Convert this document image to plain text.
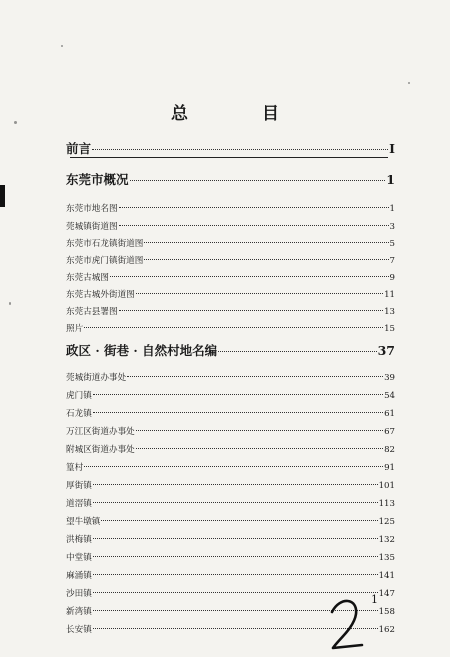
总 目
前言	I
东莞市概况	1
东莞市地名图	1
莞城镇街道图	3
东莞市石龙镇街道图	5
东莞市虎门镇街道图	7
东莞古城图	9
东莞古城外街道图	11
东莞古县署图	13
照片	15
政区 · 街巷 · 自然村地名编	37
莞城街道办事处	39
虎门镇	54
石龙镇	61
万江区街道办事处	67
附城区街道办事处	82
篁村	91
厚街镇	101
道滘镇	113
望牛墩镇	125
洪梅镇	132
中堂镇	135
麻涌镇	141
沙田镇	147
新湾镇	158
长安镇	162
1
